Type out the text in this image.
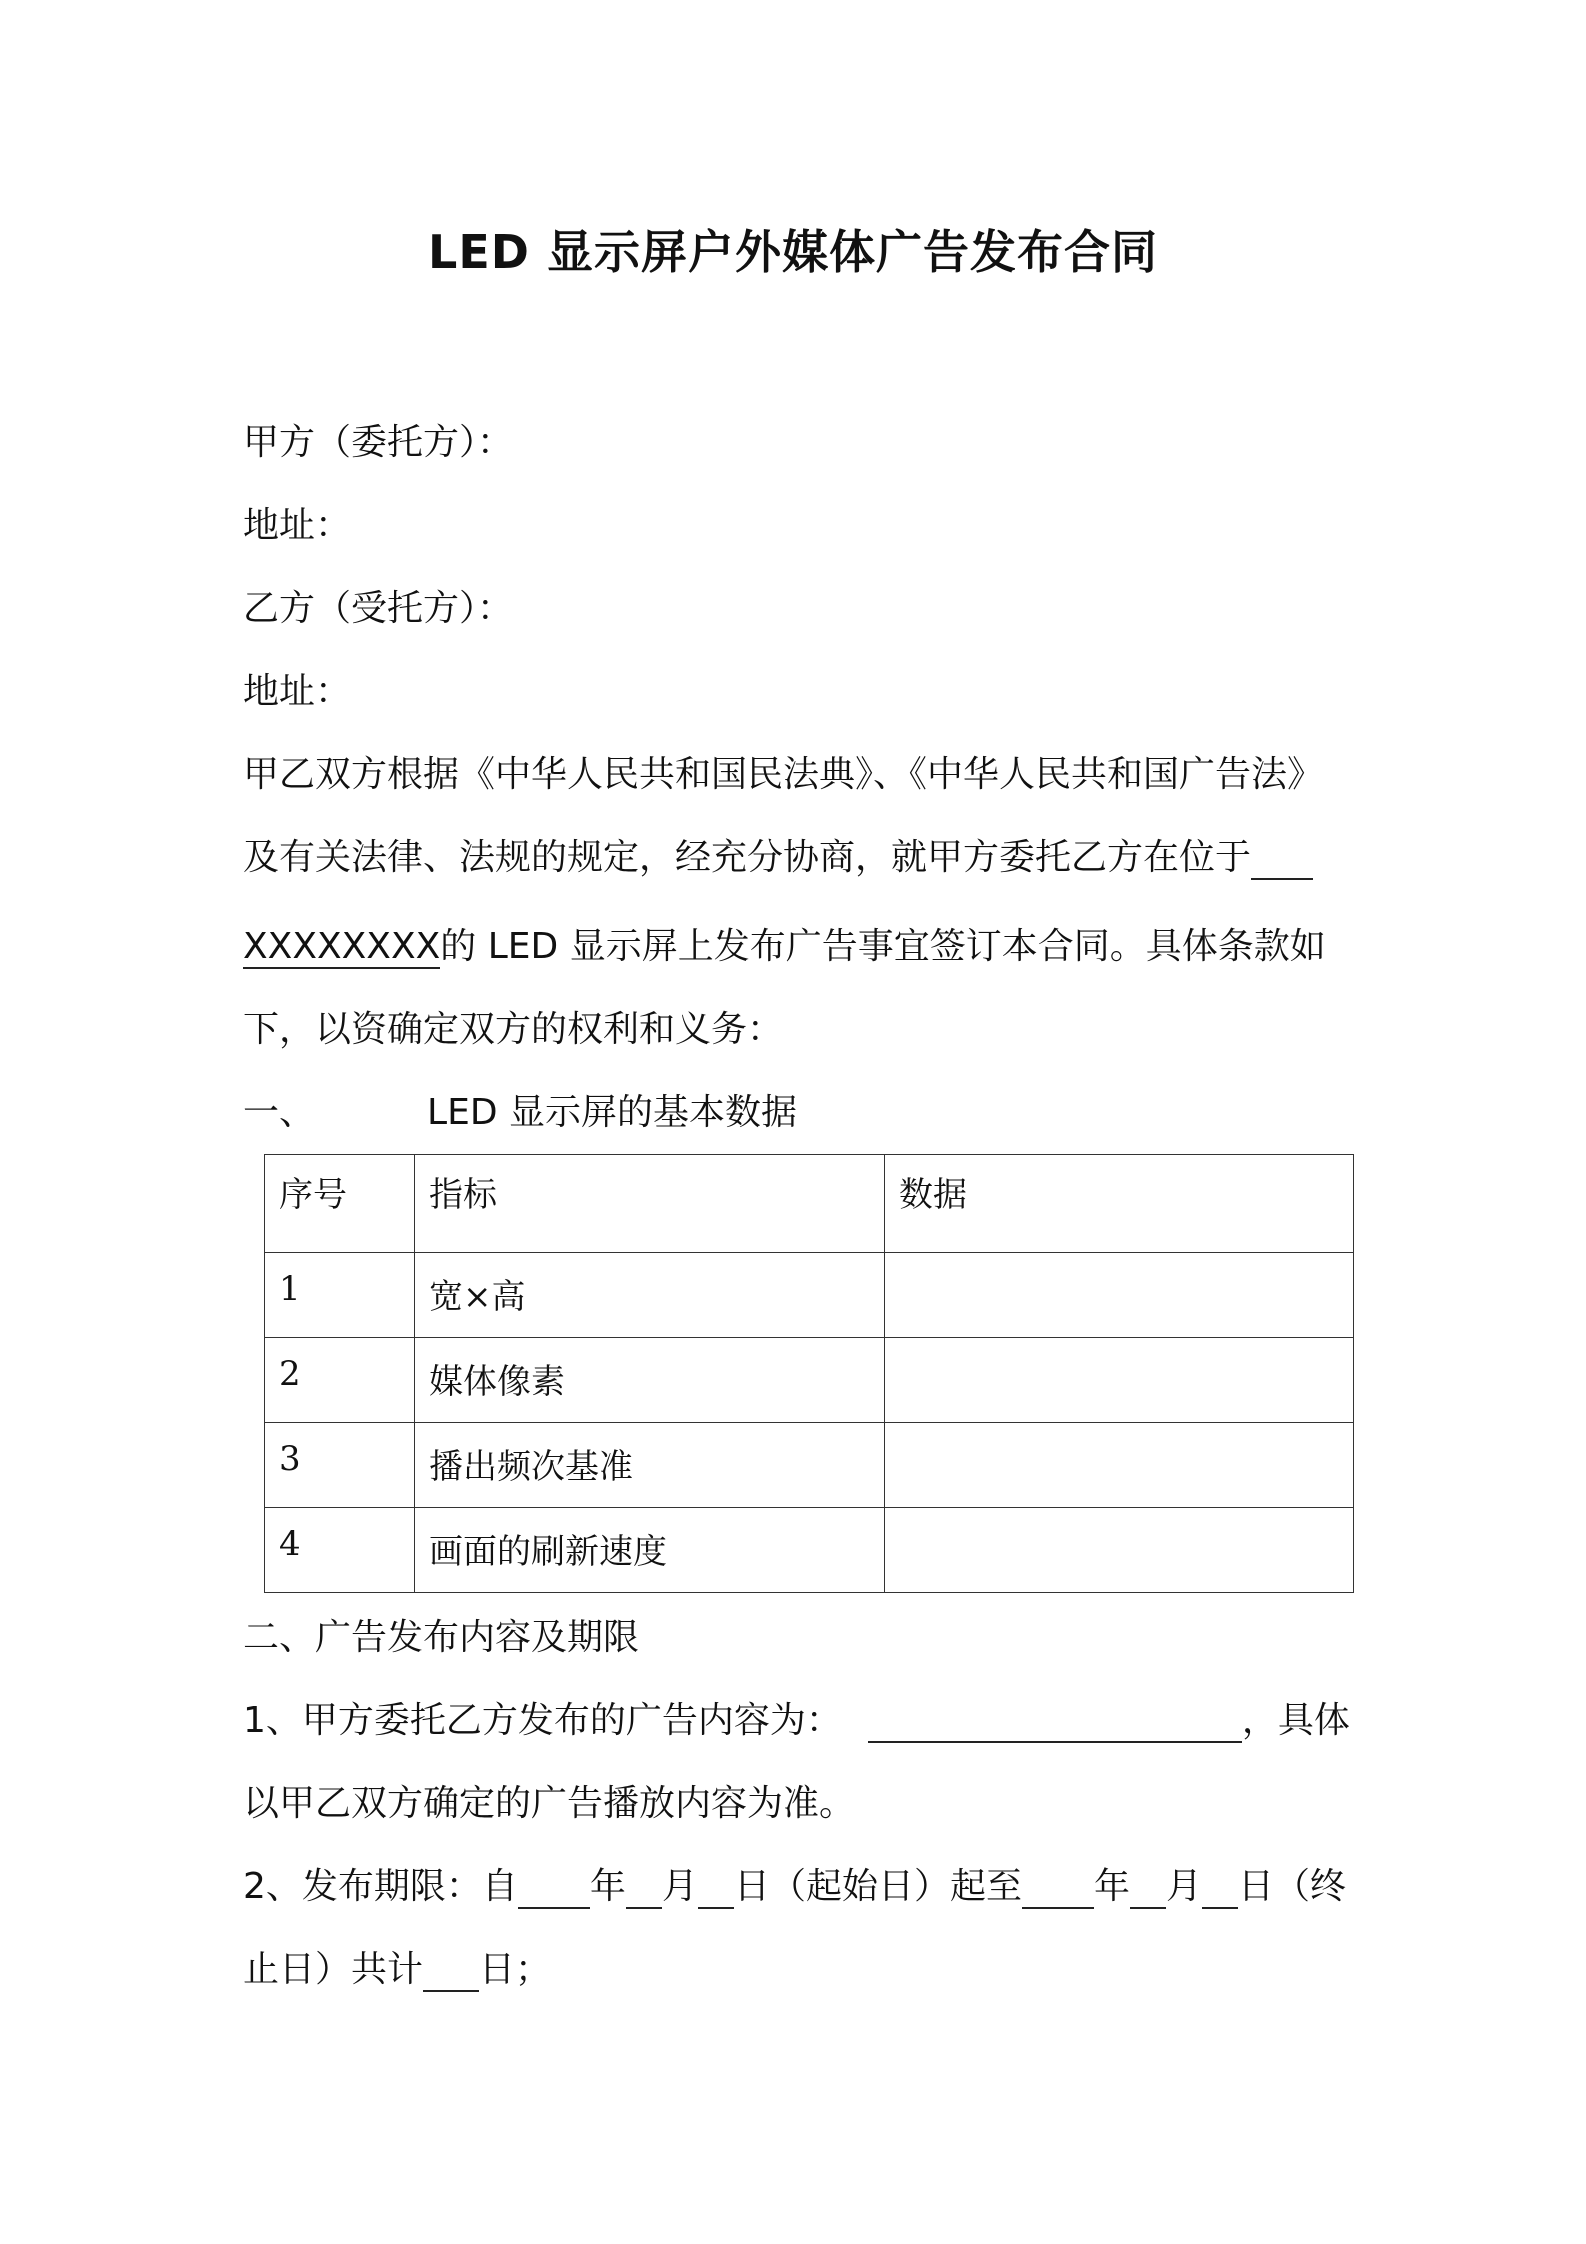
LED 显示屏户外媒体广告发布合同
甲方（委托方）：
地址：
乙方（受托方）：
地址：
甲乙双方根据《中华人民共和国民法典》、《中华人民共和国广告法》
及有关法律、法规的规定，经充分协商，就甲方委托乙方在位于
XXXXXXXX的 LED 显示屏上发布广告事宜签订本合同。具体条款如
下，以资确定双方的权利和义务：
一、	LED 显示屏的基本数据
序号	指标	数据
1	宽×高	
2	媒体像素	
3	播出频次基准	
4	画面的刷新速度	
二、广告发布内容及期限
1、甲方委托乙方发布的广告内容为：	，具体
以甲乙双方确定的广告播放内容为准。
2、发布期限：自 年 月 日（起始日）起至 年 月 日（终
止日）共计 日；
